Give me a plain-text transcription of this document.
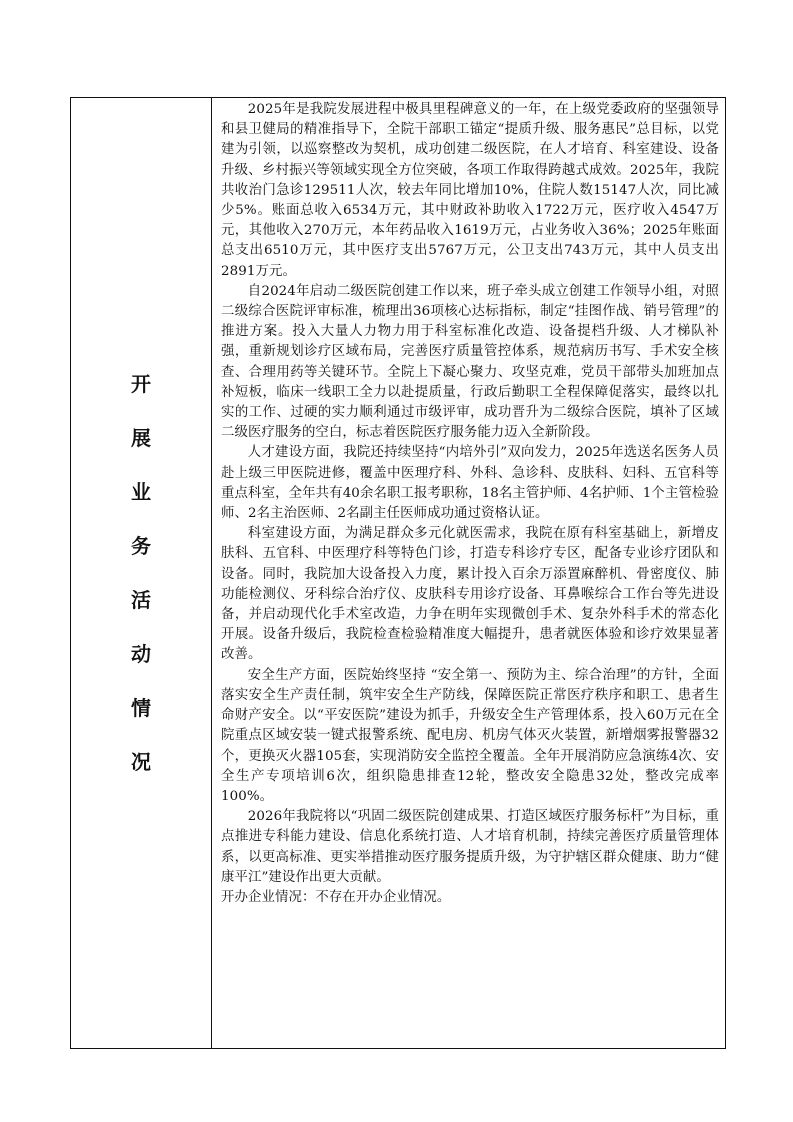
开
展
业
务
活
动
情
况

2025年是我院发展进程中极具里程碑意义的一年，在上级党委政府的坚强领导和县卫健局的精准指导下，全院干部职工锚定“提质升级、服务惠民”总目标，以党建为引领，以巡察整改为契机，成功创建二级医院，在人才培育、科室建设、设备升级、乡村振兴等领域实现全方位突破，各项工作取得跨越式成效。2025年，我院共收治门急诊129511人次，较去年同比增加10%，住院人数15147人次，同比减少5%。账面总收入6534万元，其中财政补助收入1722万元，医疗收入4547万元，其他收入270万元，本年药品收入1619万元，占业务收入36%；2025年账面总支出6510万元，其中医疗支出5767万元，公卫支出743万元，其中人员支出2891万元。

自2024年启动二级医院创建工作以来，班子牵头成立创建工作领导小组，对照二级综合医院评审标准，梳理出36项核心达标指标，制定“挂图作战、销号管理”的推进方案。投入大量人力物力用于科室标准化改造、设备提档升级、人才梯队补强，重新规划诊疗区域布局，完善医疗质量管控体系，规范病历书写、手术安全核查、合理用药等关键环节。全院上下凝心聚力、攻坚克难，党员干部带头加班加点补短板，临床一线职工全力以赴提质量，行政后勤职工全程保障促落实，最终以扎实的工作、过硬的实力顺利通过市级评审，成功晋升为二级综合医院，填补了区域二级医疗服务的空白，标志着医院医疗服务能力迈入全新阶段。

人才建设方面，我院还持续坚持“内培外引”双向发力，2025年选送名医务人员赴上级三甲医院进修，覆盖中医理疗科、外科、急诊科、皮肤科、妇科、五官科等重点科室，全年共有40余名职工报考职称，18名主管护师、4名护师、1个主管检验师、2名主治医师、2名副主任医师成功通过资格认证。

科室建设方面，为满足群众多元化就医需求，我院在原有科室基础上，新增皮肤科、五官科、中医理疗科等特色门诊，打造专科诊疗专区，配备专业诊疗团队和设备。同时，我院加大设备投入力度，累计投入百余万添置麻醉机、骨密度仪、肺功能检测仪、牙科综合治疗仪、皮肤科专用诊疗设备、耳鼻喉综合工作台等先进设备，并启动现代化手术室改造，力争在明年实现微创手术、复杂外科手术的常态化开展。设备升级后，我院检查检验精准度大幅提升，患者就医体验和诊疗效果显著改善。

安全生产方面，医院始终坚持 “安全第一、预防为主、综合治理”的方针，全面落实安全生产责任制，筑牢安全生产防线，保障医院正常医疗秩序和职工、患者生命财产安全。以“平安医院”建设为抓手，升级安全生产管理体系，投入60万元在全院重点区域安装一键式报警系统、配电房、机房气体灭火装置，新增烟雾报警器32个，更换灭火器105套，实现消防安全监控全覆盖。全年开展消防应急演练4次、安全生产专项培训6次，组织隐患排查12轮，整改安全隐患32处，整改完成率100%。

2026年我院将以“巩固二级医院创建成果、打造区域医疗服务标杆”为目标，重点推进专科能力建设、信息化系统打造、人才培育机制，持续完善医疗质量管理体系，以更高标准、更实举措推动医疗服务提质升级，为守护辖区群众健康、助力“健康平江”建设作出更大贡献。

开办企业情况：不存在开办企业情况。
